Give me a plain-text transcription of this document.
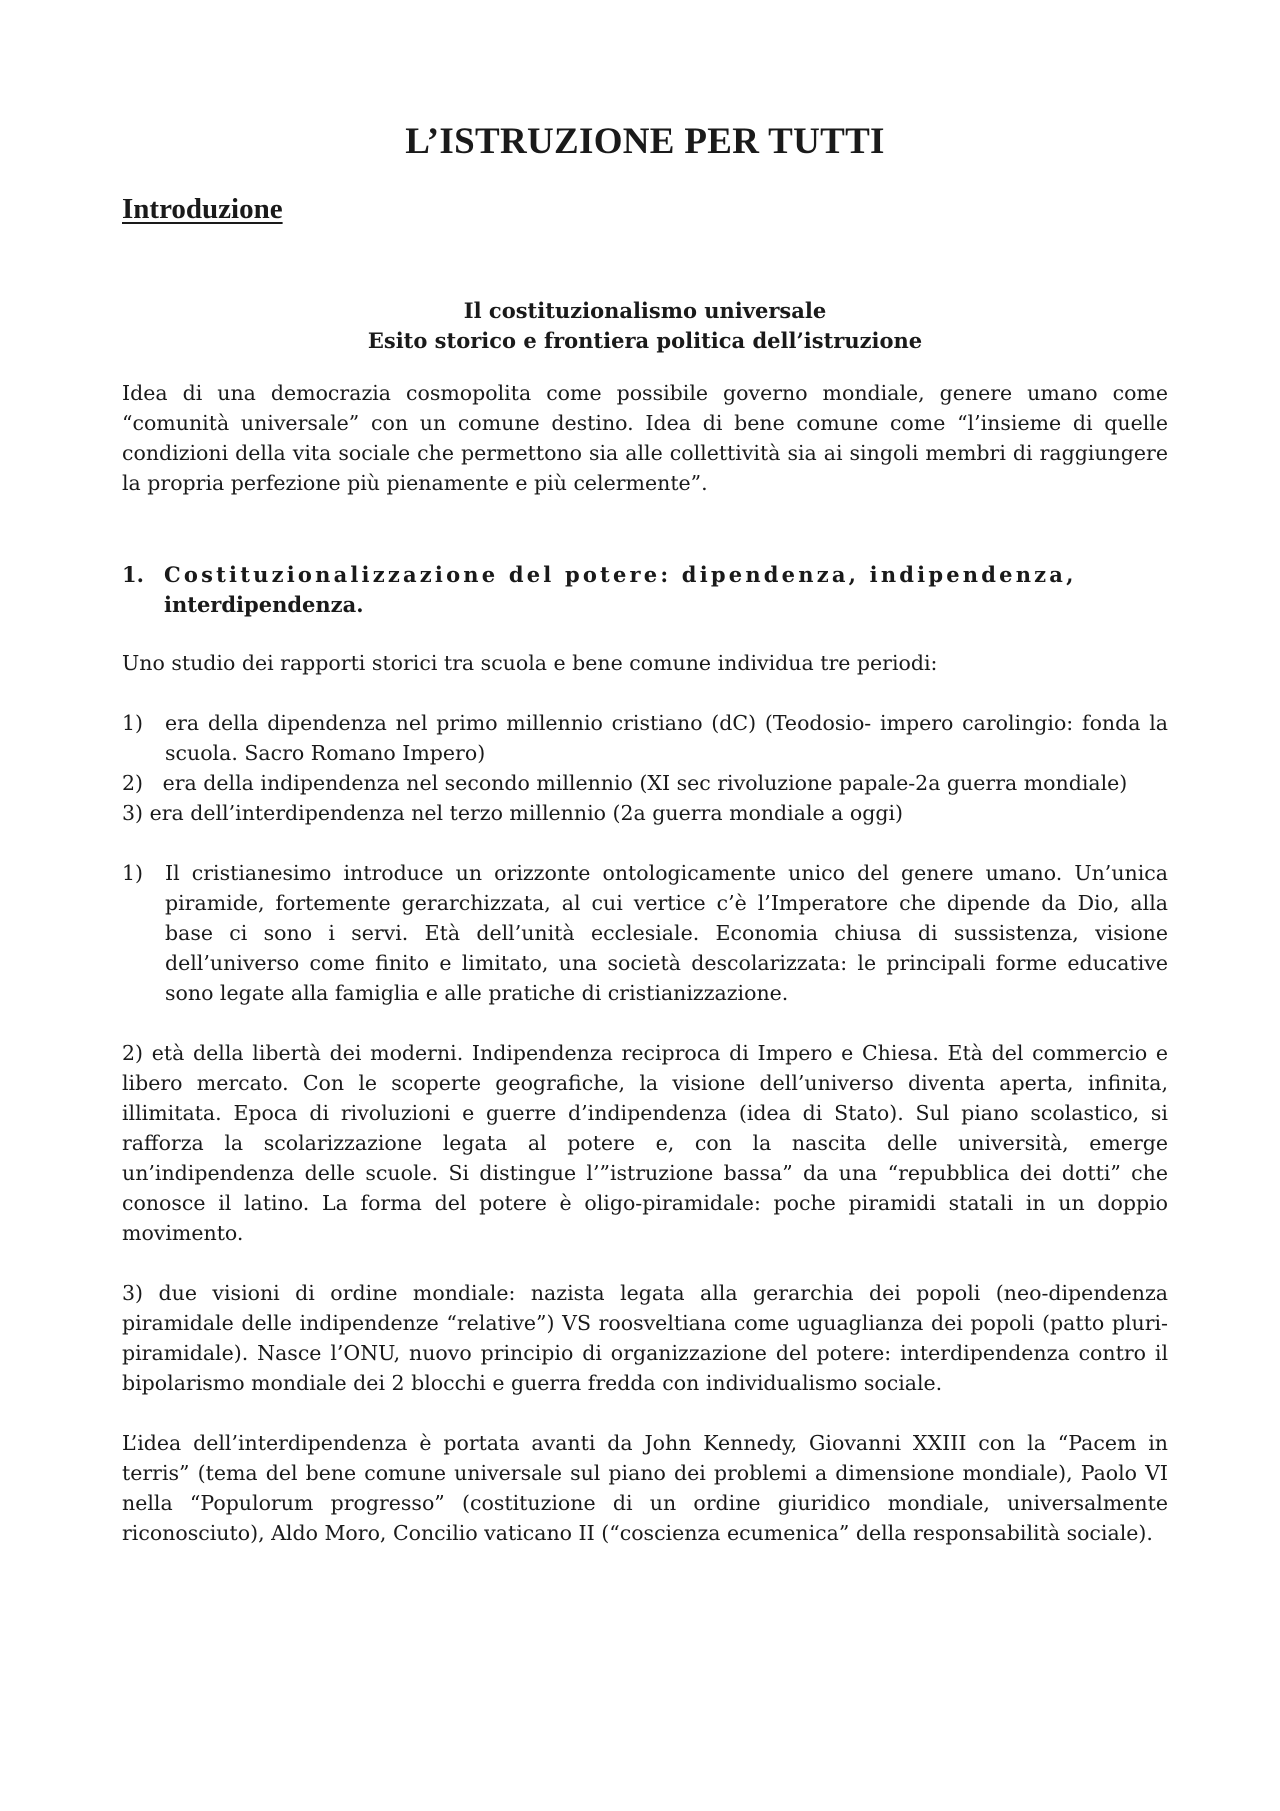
L’ISTRUZIONE PER TUTTI
Introduzione
Il costituzionalismo universale
Esito storico e frontiera politica dell’istruzione

Idea di una democrazia cosmopolita come possibile governo mondiale, genere umano come “comunità universale” con un comune destino. Idea di bene comune come “l’insieme di quelle condizioni della vita sociale che permettono sia alle collettività sia ai singoli membri di raggiungere la propria perfezione più pienamente e più celermente”.

1. Costituzionalizzazione del potere: dipendenza, indipendenza,
interdipendenza.

Uno studio dei rapporti storici tra scuola e bene comune individua tre periodi:

1)	era della dipendenza nel primo millennio cristiano (dC) (Teodosio- impero carolingio: fonda la scuola. Sacro Romano Impero)
2) era della indipendenza nel secondo millennio (XI sec rivoluzione papale-2a guerra mondiale)
3) era dell’interdipendenza nel terzo millennio (2a guerra mondiale a oggi)
1)	Il cristianesimo introduce un orizzonte ontologicamente unico del genere umano. Un’unica piramide, fortemente gerarchizzata, al cui vertice c’è l’Imperatore che dipende da Dio, alla base ci sono i servi. Età dell’unità ecclesiale. Economia chiusa di sussistenza, visione dell’universo come finito e limitato, una società descolarizzata: le principali forme educative sono legate alla famiglia e alle pratiche di cristianizzazione.

2) età della libertà dei moderni. Indipendenza reciproca di Impero e Chiesa. Età del commercio e libero mercato. Con le scoperte geografiche, la visione dell’universo diventa aperta, infinita, illimitata. Epoca di rivoluzioni e guerre d’indipendenza (idea di Stato). Sul piano scolastico, si rafforza la scolarizzazione legata al potere e, con la nascita delle università, emerge un’indipendenza delle scuole. Si distingue l’”istruzione bassa” da una “repubblica dei dotti” che conosce il latino. La forma del potere è oligo-piramidale: poche piramidi statali in un doppio movimento.

3) due visioni di ordine mondiale: nazista legata alla gerarchia dei popoli (neo-dipendenza piramidale delle indipendenze “relative”) VS roosveltiana come uguaglianza dei popoli (patto pluri-piramidale). Nasce l’ONU, nuovo principio di organizzazione del potere: interdipendenza contro il bipolarismo mondiale dei 2 blocchi e guerra fredda con individualismo sociale.

L’idea dell’interdipendenza è portata avanti da John Kennedy, Giovanni XXIII con la “Pacem in terris” (tema del bene comune universale sul piano dei problemi a dimensione mondiale), Paolo VI nella “Populorum progresso” (costituzione di un ordine giuridico mondiale, universalmente riconosciuto), Aldo Moro, Concilio vaticano II (“coscienza ecumenica” della responsabilità sociale).
